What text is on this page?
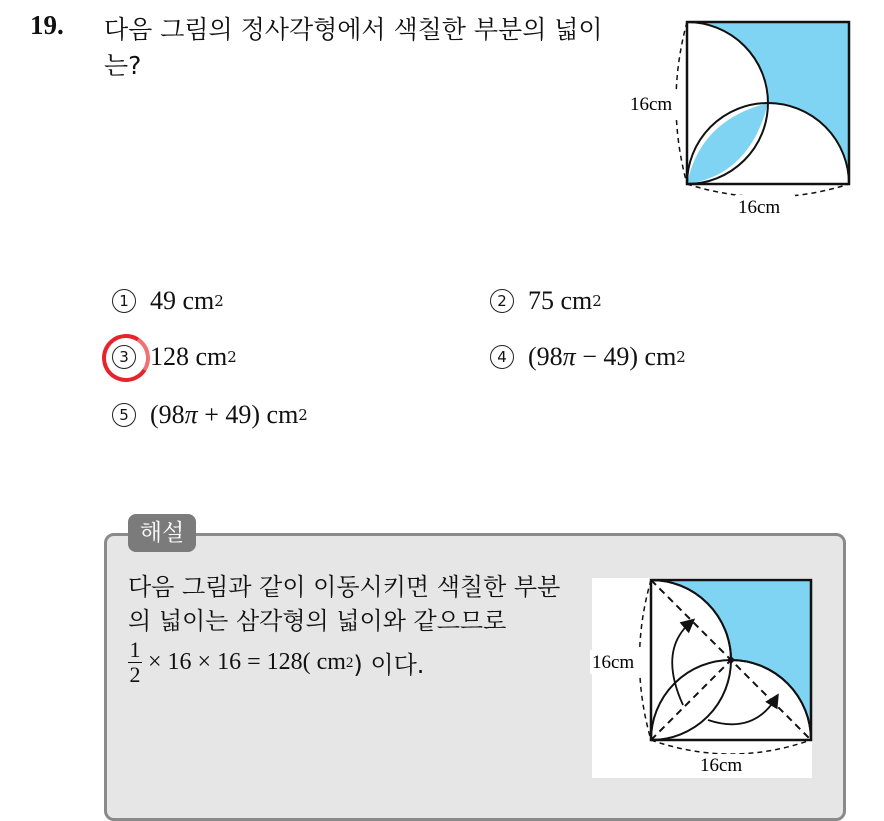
19. 다음 그림의 정사각형에서 색칠한 부분의 넓이는?
16cm
16cm
1 49 cm 2	2 75 cm 2
3 128 cm 2	4 (98π − 49) cm 2
5 (98π + 49) cm 2
해설
다음 그림과 같이 이동시키면 색칠한 부분의 넓이는 삼각형의 넓이와 같으므로
$\frac{1}{2} \times 16 \times 16 = 128$( cm 2 ) 이다.	16cm
16cm
